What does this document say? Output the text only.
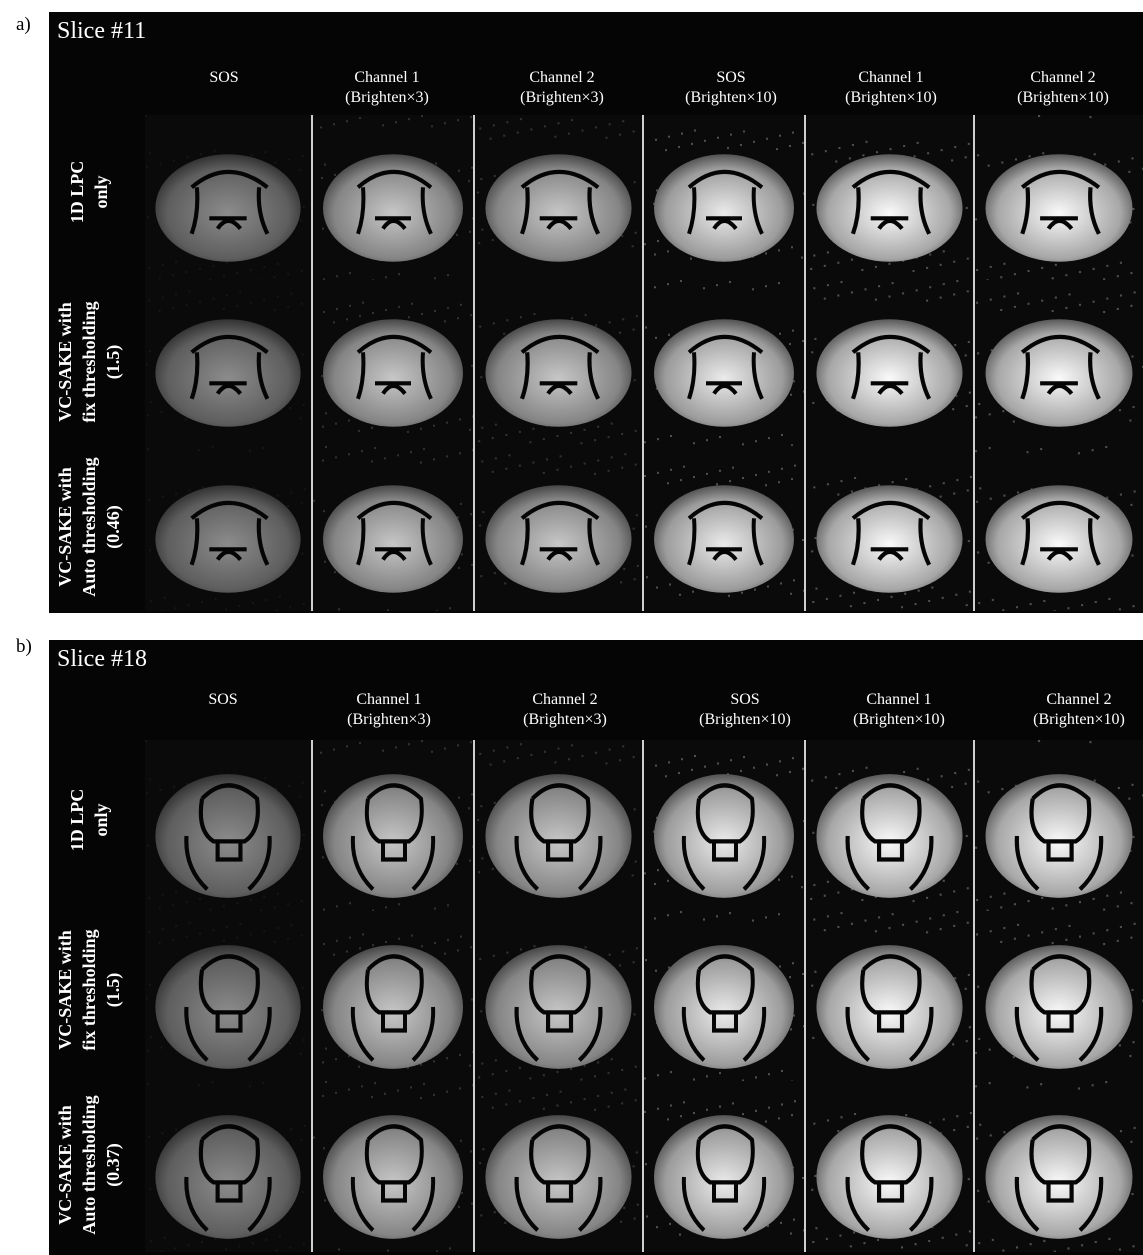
a) Slice #11
SOS	Channel 1
(Brighten×3)
Channel 2
(Brighten×3)
SOS
(Brighten×10)
Channel 1
(Brighten×10)
Channel 2
(Brighten×10)
1D LPC only
VC-SAKE with fix thresholding (1.5)
VC-SAKE with Auto thresholding (0.46)
b) Slice #18
SOS	Channel 1
(Brighten×3)
Channel 2
(Brighten×3)
SOS
(Brighten×10)
Channel 1
(Brighten×10)
Channel 2
(Brighten×10)
1D LPC only
VC-SAKE with fix thresholding (1.5)
VC-SAKE with Auto thresholding (0.37)
